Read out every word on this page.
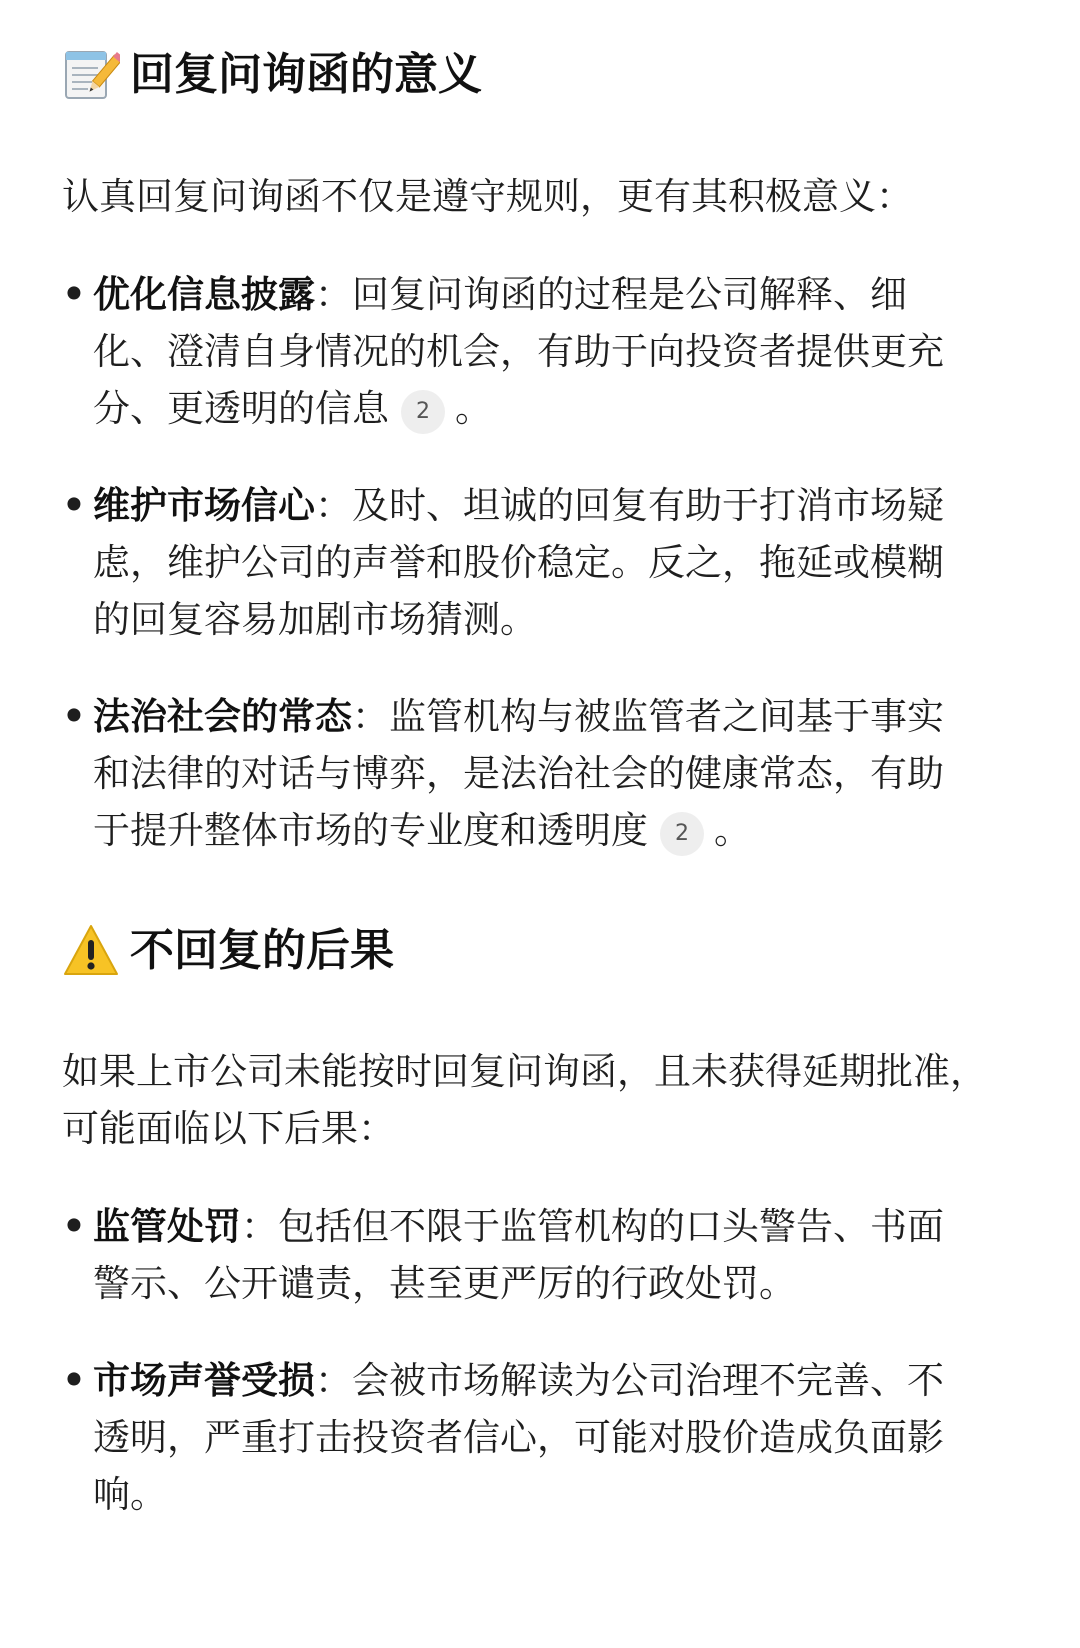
回复问询函的意义
认真回复问询函不仅是遵守规则，更有其积极意义：
• 优化信息披露：回复问询函的过程是公司解释、细化、澄清自身情况的机会，有助于向投资者提供更充分、更透明的信息 2 。
• 维护市场信心：及时、坦诚的回复有助于打消市场疑虑，维护公司的声誉和股价稳定。反之，拖延或模糊的回复容易加剧市场猜测。
• 法治社会的常态：监管机构与被监管者之间基于事实和法律的对话与博弈，是法治社会的健康常态，有助于提升整体市场的专业度和透明度 2 。
不回复的后果
如果上市公司未能按时回复问询函，且未获得延期批准，可能面临以下后果：
• 监管处罚：包括但不限于监管机构的口头警告、书面警示、公开谴责，甚至更严厉的行政处罚。
• 市场声誉受损：会被市场解读为公司治理不完善、不透明，严重打击投资者信心，可能对股价造成负面影响。
